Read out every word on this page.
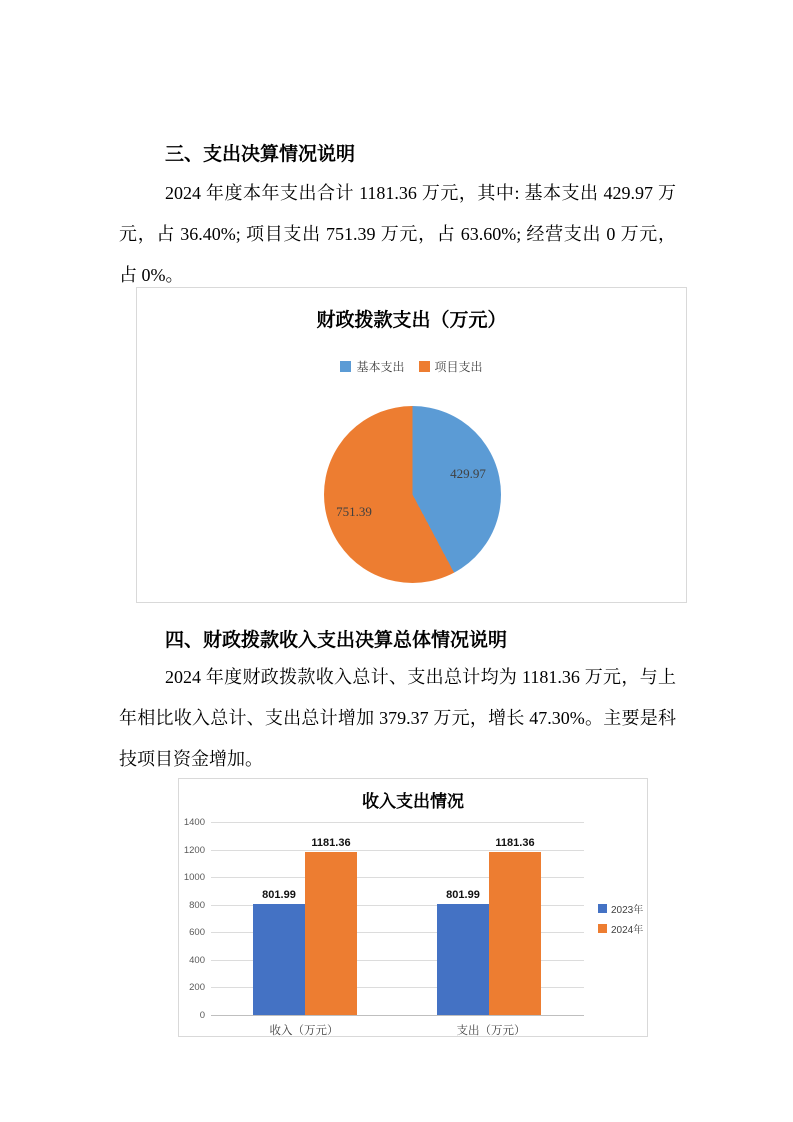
三、支出决算情况说明

2024 年度本年支出合计 1181.36 万元，其中: 基本支出 429.97 万元，占 36.40%; 项目支出 751.39 万元，占 63.60%; 经营支出 0 万元，占 0%。

财政拨款支出（万元）
基本支出	项目支出
429.97
751.39
四、财政拨款收入支出决算总体情况说明

2024 年度财政拨款收入总计、支出总计均为 1181.36 万元，与上年相比收入总计、支出总计增加 379.37 万元，增长 47.30%。主要是科技项目资金增加。

收入支出情况
收入（万元）	支出（万元）
0
200
400
600
800
1000
1200
1400
801.99
1181.36
801.99
1181.36
2023年
2024年
